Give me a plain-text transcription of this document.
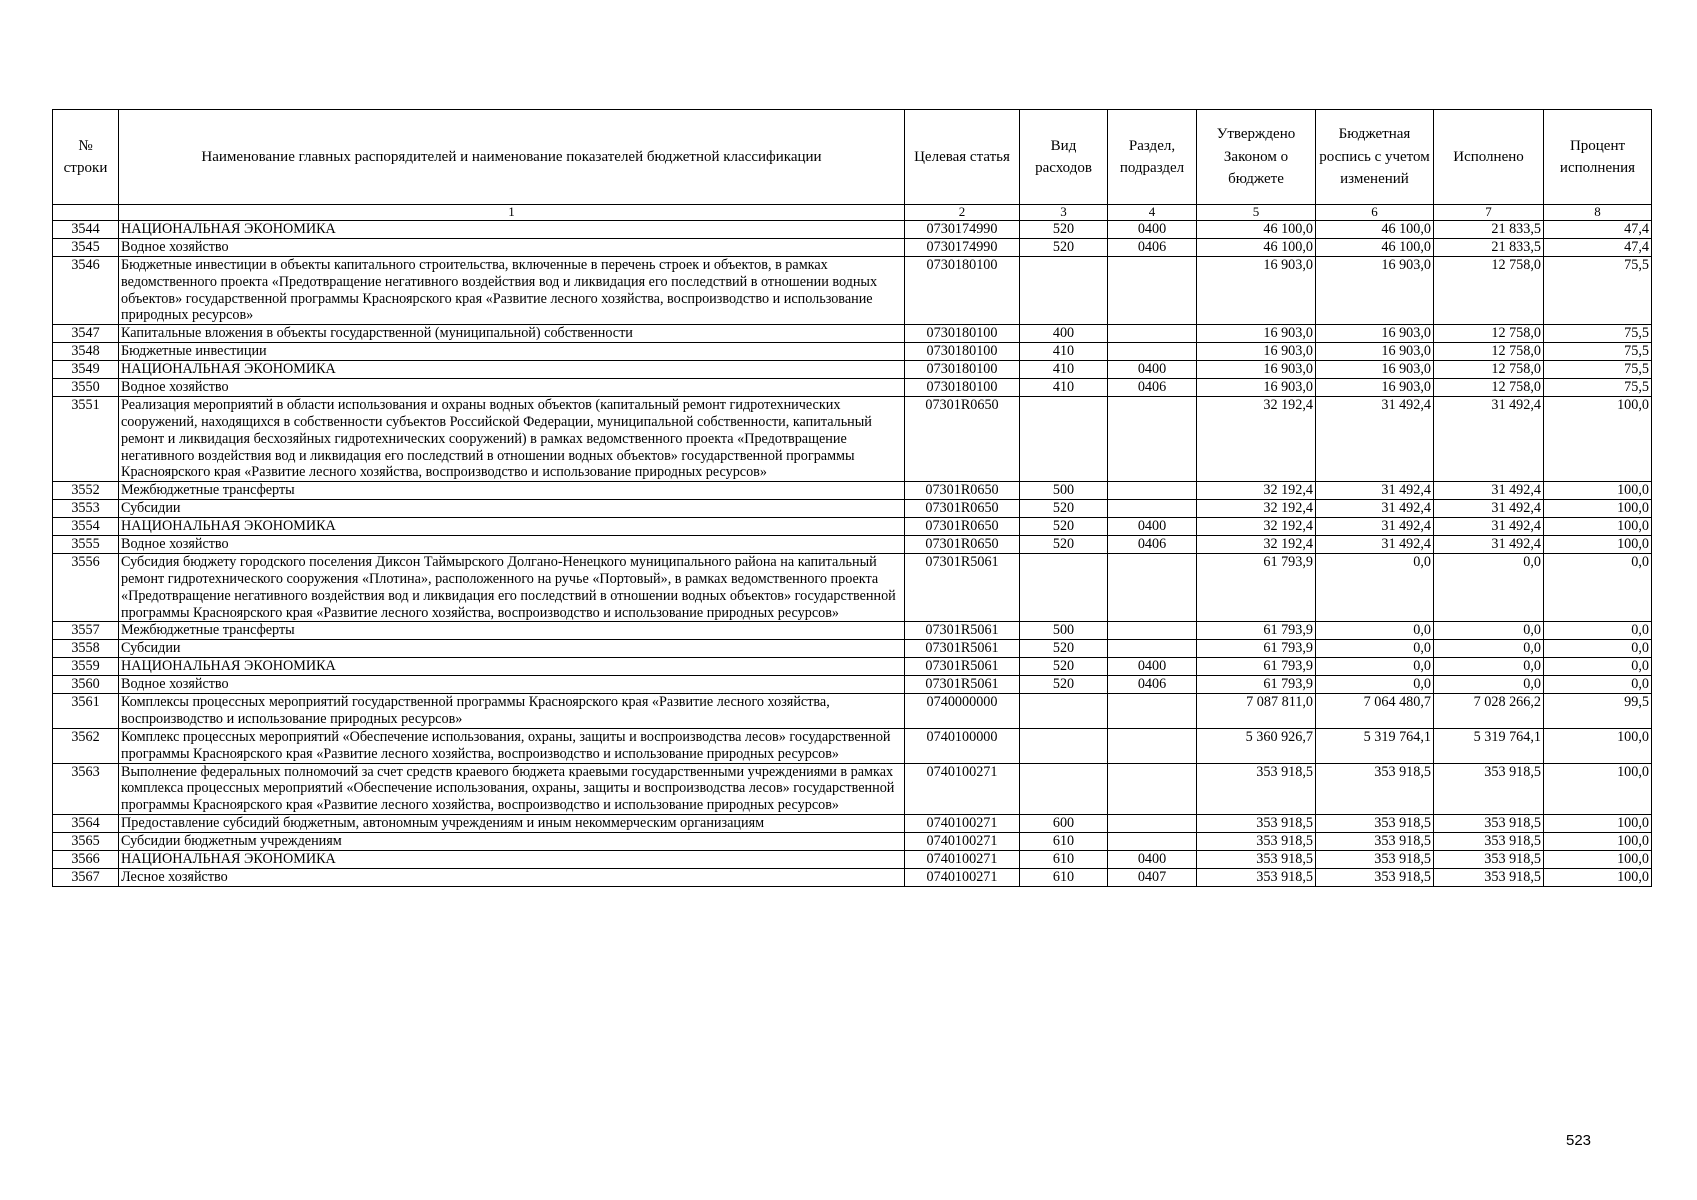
№ строки	Наименование главных распорядителей и наименование показателей бюджетной классификации	Целевая статья	Вид расходов	Раздел, подраздел	Утверждено Законом о бюджете	Бюджетная роспись с учетом изменений	Исполнено	Процент исполнения
	1	2	3	4	5	6	7	8
3544	НАЦИОНАЛЬНАЯ ЭКОНОМИКА	0730174990	520	0400	46 100,0	46 100,0	21 833,5	47,4
3545	Водное хозяйство	0730174990	520	0406	46 100,0	46 100,0	21 833,5	47,4
3546	Бюджетные инвестиции в объекты капитального строительства, включенные в перечень строек и объектов, в рамках ведомственного проекта «Предотвращение негативного воздействия вод и ликвидация его последствий в отношении водных объектов» государственной программы Красноярского края «Развитие лесного хозяйства, воспроизводство и использование природных ресурсов»	0730180100			16 903,0	16 903,0	12 758,0	75,5
3547	Капитальные вложения в объекты государственной (муниципальной) собственности	0730180100	400		16 903,0	16 903,0	12 758,0	75,5
3548	Бюджетные инвестиции	0730180100	410		16 903,0	16 903,0	12 758,0	75,5
3549	НАЦИОНАЛЬНАЯ ЭКОНОМИКА	0730180100	410	0400	16 903,0	16 903,0	12 758,0	75,5
3550	Водное хозяйство	0730180100	410	0406	16 903,0	16 903,0	12 758,0	75,5
3551	Реализация мероприятий в области использования и охраны водных объектов (капитальный ремонт гидротехнических сооружений, находящихся в собственности субъектов Российской Федерации, муниципальной собственности, капитальный ремонт и ликвидация бесхозяйных гидротехнических сооружений) в рамках ведомственного проекта «Предотвращение негативного воздействия вод и ликвидация его последствий в отношении водных объектов» государственной программы Красноярского края «Развитие лесного хозяйства, воспроизводство и использование природных ресурсов»	07301R0650			32 192,4	31 492,4	31 492,4	100,0
3552	Межбюджетные трансферты	07301R0650	500		32 192,4	31 492,4	31 492,4	100,0
3553	Субсидии	07301R0650	520		32 192,4	31 492,4	31 492,4	100,0
3554	НАЦИОНАЛЬНАЯ ЭКОНОМИКА	07301R0650	520	0400	32 192,4	31 492,4	31 492,4	100,0
3555	Водное хозяйство	07301R0650	520	0406	32 192,4	31 492,4	31 492,4	100,0
3556	Субсидия бюджету городского поселения Диксон Таймырского Долгано-Ненецкого муниципального района на капитальный ремонт гидротехнического сооружения «Плотина», расположенного на ручье «Портовый», в рамках ведомственного проекта «Предотвращение негативного воздействия вод и ликвидация его последствий в отношении водных объектов» государственной программы Красноярского края «Развитие лесного хозяйства, воспроизводство и использование природных ресурсов»	07301R5061			61 793,9	0,0	0,0	0,0
3557	Межбюджетные трансферты	07301R5061	500		61 793,9	0,0	0,0	0,0
3558	Субсидии	07301R5061	520		61 793,9	0,0	0,0	0,0
3559	НАЦИОНАЛЬНАЯ ЭКОНОМИКА	07301R5061	520	0400	61 793,9	0,0	0,0	0,0
3560	Водное хозяйство	07301R5061	520	0406	61 793,9	0,0	0,0	0,0
3561	Комплексы процессных мероприятий государственной программы Красноярского края «Развитие лесного хозяйства, воспроизводство и использование природных ресурсов»	0740000000			7 087 811,0	7 064 480,7	7 028 266,2	99,5
3562	Комплекс процессных мероприятий «Обеспечение использования, охраны, защиты и воспроизводства лесов» государственной программы Красноярского края «Развитие лесного хозяйства, воспроизводство и использование природных ресурсов»	0740100000			5 360 926,7	5 319 764,1	5 319 764,1	100,0
3563	Выполнение федеральных полномочий за счет средств краевого бюджета краевыми государственными учреждениями в рамках комплекса процессных мероприятий «Обеспечение использования, охраны, защиты и воспроизводства лесов» государственной программы Красноярского края «Развитие лесного хозяйства, воспроизводство и использование природных ресурсов»	0740100271			353 918,5	353 918,5	353 918,5	100,0
3564	Предоставление субсидий бюджетным, автономным учреждениям и иным некоммерческим организациям	0740100271	600		353 918,5	353 918,5	353 918,5	100,0
3565	Субсидии бюджетным учреждениям	0740100271	610		353 918,5	353 918,5	353 918,5	100,0
3566	НАЦИОНАЛЬНАЯ ЭКОНОМИКА	0740100271	610	0400	353 918,5	353 918,5	353 918,5	100,0
3567	Лесное хозяйство	0740100271	610	0407	353 918,5	353 918,5	353 918,5	100,0
523
